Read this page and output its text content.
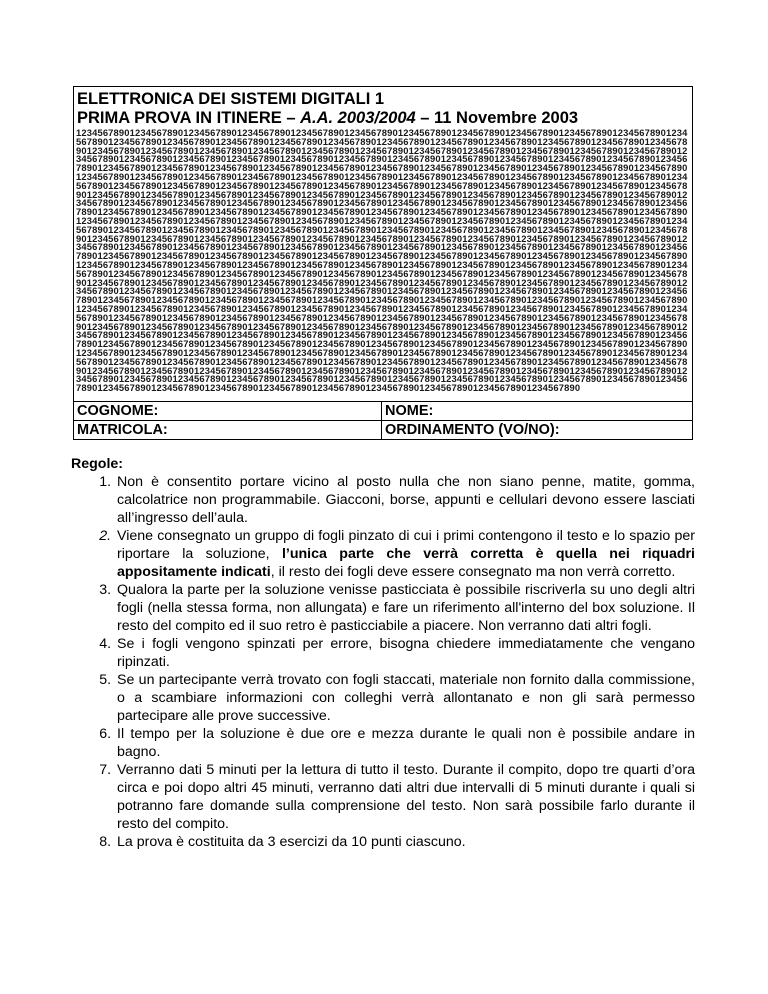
ELETTRONICA DEI SISTEMI DIGITALI 1
PRIMA PROVA IN ITINERE – A.A. 2003/2004 – 11 Novembre 2003
1234567890123456789012345678901234567890123456789012345678901234567890123456789012345678901234567890123456789012345678901234567890123456789012345678901234567890123456789012345678901234567890123456789012345678901234567890123456789012345678901234567890123456789012345678901234567890123456789012345678901234567890123456789012345678901234567890123456789012345678901234567890123456789012345678901234567890123456789012345678901234567890123456789012345678901234567890123456789012345678901234567890123456789012345678901234567890123456789012345678901234567890123456789012345678901234567890123456789012345678901234567890123456789012345678901234567890123456789012345678901234567890123456789012345678901234567890123456789012345678901234567890123456789012345678901234567890123456789012345678901234567890123456789012345678901234567890123456789012345678901234567890123456789012345678901234567890123456789012345678901234567890123456789012345678901234567890123456789012345678901234567890123456789012345678901234567890123456789012345678901234567890123456789012345678901234567890123456789012345678901234567890123456789012345678901234567890123456789012345678901234567890123456789012345678901234567890123456789012345678901234567890123456789012345678901234567890123456789012345678901234567890123456789012345678901234567890123456789012345678901234567890123456789012345678901234567890123456789012345678901234567890123456789012345678901234567890123456789012345678901234567890123456789012345678901234567890123456789012345678901234567890123456789012345678901234567890123456789012345678901234567890123456789012345678901234567890123456789012345678901234567890123456789012345678901234567890123456789012345678901234567890123456789012345678901234567890123456789012345678901234567890123456789012345678901234567890123456789012345678901234567890123456789012345678901234567890123456789012345678901234567890123456789012345678901234567890123456789012345678901234567890123456789012345678901234567890123456789012345678901234567890123456789012345678901234567890123456789012345678901234567890123456789012345678901234567890123456789012345678901234567890123456789012345678901234567890123456789012345678901234567890123456789012345678901234567890123456789012345678901234567890123456789012345678901234567890123456789012345678901234567890123456789012345678901234567890123456789012345678901234567890123456789012345678901234567890123456789012345678901234567890123456789012345678901234567890123456789012345678901234567890123456789012345678901234567890123456789012345678901234567890123456789012345678901234567890123456789012345678901234567890123456789012345678901234567890123456789012345678901234567890123456789012345678901234567890123456789012345678901234567890123456789012345678901234567890123456789012345678901234567890123456789012345678901234567890123456789012345678901234567890123456789012345678901234567890123456789012345678901234567890123456789012345678901234567890123456789012345678901234567890123456789012345678901234567890123456789012345678901234567890123456789012345678901234567890123456789012345678901234567890123456789012345678901234567890123456789012345678901234567890123456789012345678901234567890123456789012345678901234567890123456789012345678901234567890123456789012345678901234567890123456789012345678901234567890123456789012345678901234567890123456789012345678901234567890123456789012345678901234567890123456789012345678901234567890
COGNOME:	NOME:
MATRICOLA:	ORDINAMENTO (VO/NO):
Regole:
1. Non è consentito portare vicino al posto nulla che non siano penne, matite, gomma, calcolatrice non programmabile. Giacconi, borse, appunti e cellulari devono essere lasciati all’ingresso dell’aula.
2. Viene consegnato un gruppo di fogli pinzato di cui i primi contengono il testo e lo spazio per riportare la soluzione, l’unica parte che verrà corretta è quella nei riquadri appositamente indicati, il resto dei fogli deve essere consegnato ma non verrà corretto.
3. Qualora la parte per la soluzione venisse pasticciata è possibile riscriverla su uno degli altri fogli (nella stessa forma, non allungata) e fare un riferimento all'interno del box soluzione. Il resto del compito ed il suo retro è pasticciabile a piacere. Non verranno dati altri fogli.
4. Se i fogli vengono spinzati per errore, bisogna chiedere immediatamente che vengano ripinzati.
5. Se un partecipante verrà trovato con fogli staccati, materiale non fornito dalla commissione, o a scambiare informazioni con colleghi verrà allontanato e non gli sarà permesso partecipare alle prove successive.
6. Il tempo per la soluzione è due ore e mezza durante le quali non è possibile andare in bagno.
7. Verranno dati 5 minuti per la lettura di tutto il testo. Durante il compito, dopo tre quarti d’ora circa e poi dopo altri 45 minuti, verranno dati altri due intervalli di 5 minuti durante i quali si potranno fare domande sulla comprensione del testo. Non sarà possibile farlo durante il resto del compito.
8. La prova è costituita da 3 esercizi da 10 punti ciascuno.
